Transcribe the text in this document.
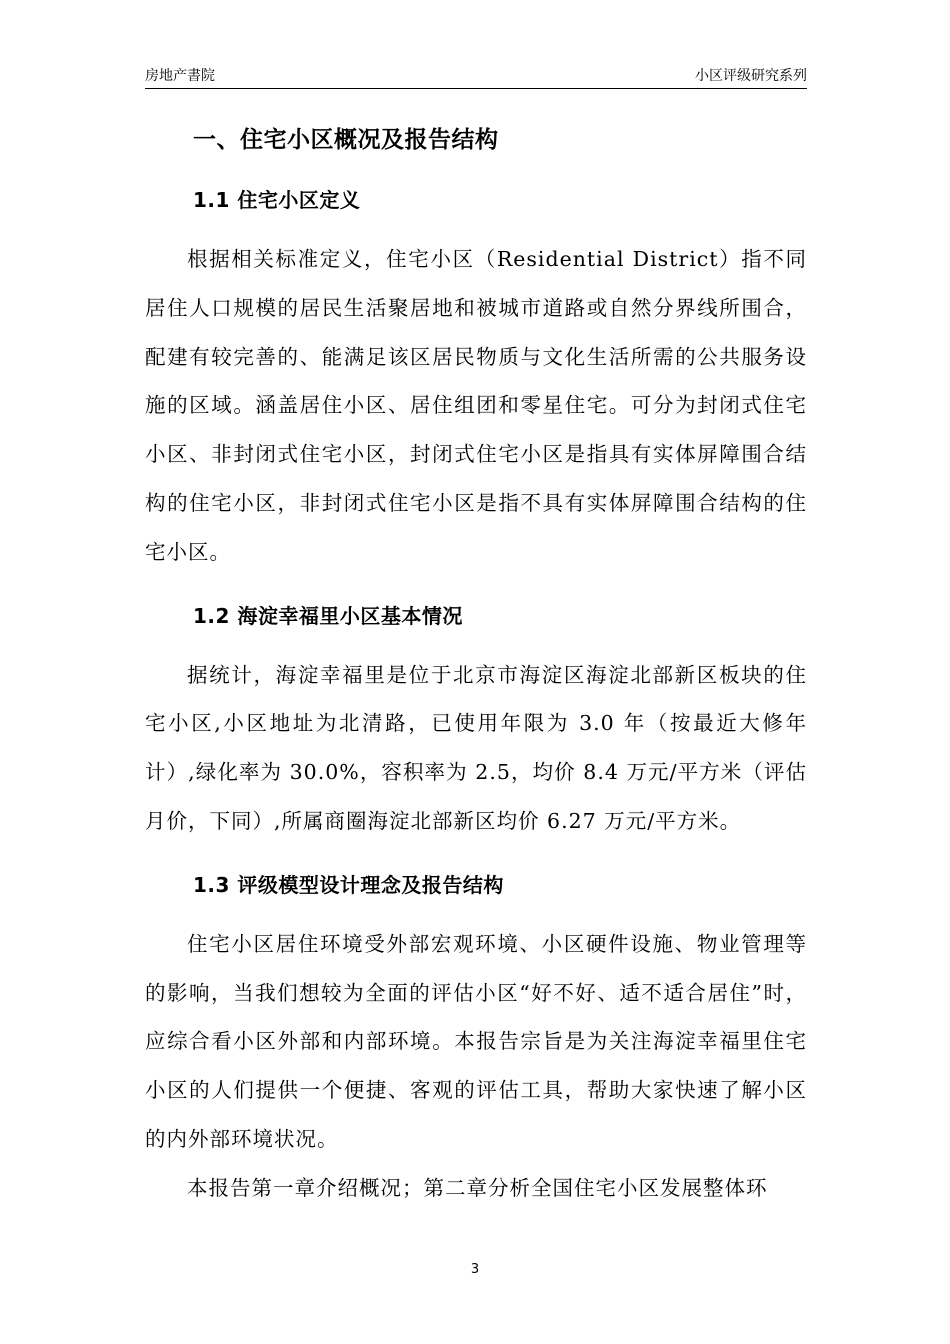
房地产書院	小区评级研究系列
一、住宅小区概况及报告结构
1.1 住宅小区定义

根据相关标准定义，住宅小区（Residential District）指不同居住人口规模的居民生活聚居地和被城市道路或自然分界线所围合，配建有较完善的、能满足该区居民物质与文化生活所需的公共服务设施的区域。涵盖居住小区、居住组团和零星住宅。可分为封闭式住宅小区、非封闭式住宅小区，封闭式住宅小区是指具有实体屏障围合结构的住宅小区，非封闭式住宅小区是指不具有实体屏障围合结构的住宅小区。

1.2 海淀幸福里小区基本情况

据统计，海淀幸福里是位于北京市海淀区海淀北部新区板块的住宅小区,小区地址为北清路，已使用年限为 3.0 年（按最近大修年计）,绿化率为 30.0%，容积率为 2.5，均价 8.4 万元/平方米（评估月价，下同）,所属商圈海淀北部新区均价 6.27 万元/平方米。

1.3 评级模型设计理念及报告结构

住宅小区居住环境受外部宏观环境、小区硬件设施、物业管理等的影响，当我们想较为全面的评估小区“好不好、适不适合居住”时，应综合看小区外部和内部环境。本报告宗旨是为关注海淀幸福里住宅小区的人们提供一个便捷、客观的评估工具，帮助大家快速了解小区的内外部环境状况。

本报告第一章介绍概况；第二章分析全国住宅小区发展整体环

3
